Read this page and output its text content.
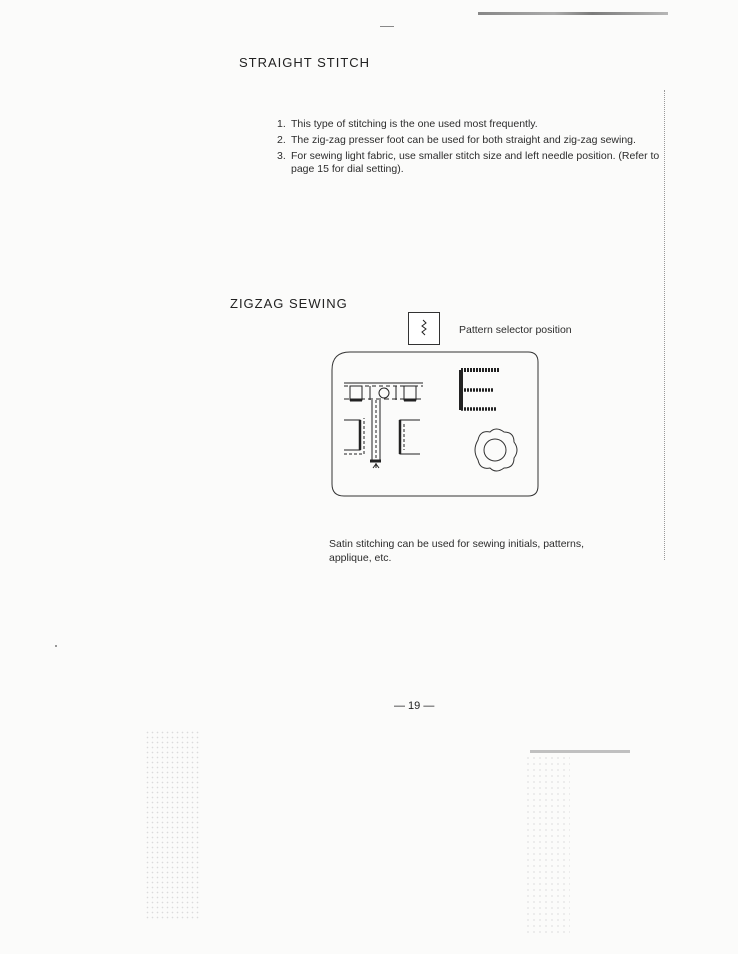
STRAIGHT STITCH
1. This type of stitching is the one used most frequently.
2. The zig-zag presser foot can be used for both straight and zig-zag sewing.
3. For sewing light fabric, use smaller stitch size and left needle position. (Refer to page 15 for dial setting).
ZIGZAG SEWING
Pattern selector position
Satin stitching can be used for sewing initials, patterns, applique, etc.
— 19 —
